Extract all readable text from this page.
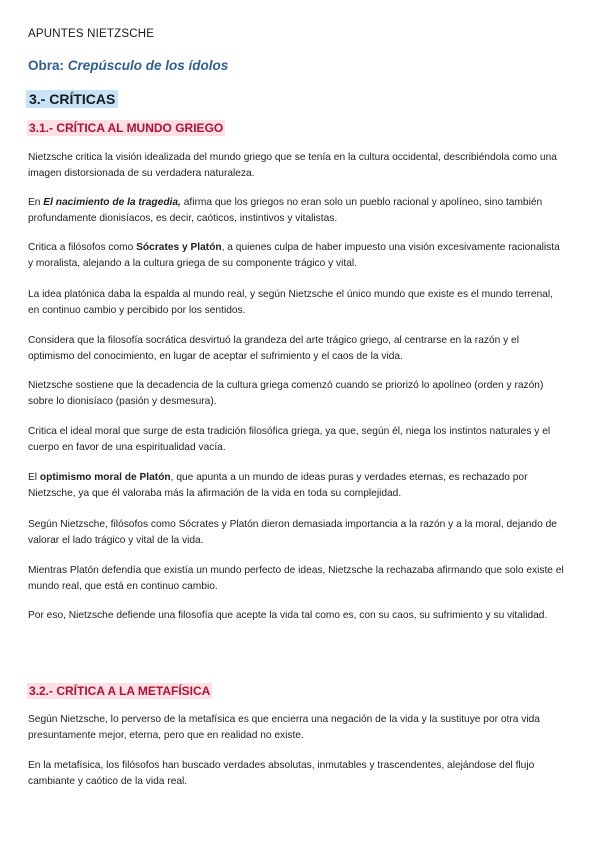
APUNTES NIETZSCHE
Obra: Crepúsculo de los ídolos
3.- CRÍTICAS
3.1.- CRÍTICA AL MUNDO GRIEGO
Nietzsche critica la visión idealizada del mundo griego que se tenía en la cultura occidental, describiéndola como una imagen distorsionada de su verdadera naturaleza.
En El nacimiento de la tragedia, afirma que los griegos no eran solo un pueblo racional y apolíneo, sino también profundamente dionisíacos, es decir, caóticos, instintivos y vitalistas.
Critica a filósofos como Sócrates y Platón, a quienes culpa de haber impuesto una visión excesivamente racionalista y moralista, alejando a la cultura griega de su componente trágico y vital.
La idea platónica daba la espalda al mundo real, y según Nietzsche el único mundo que existe es el mundo terrenal, en continuo cambio y percibido por los sentidos.
Considera que la filosofía socrática desvirtuó la grandeza del arte trágico griego, al centrarse en la razón y el optimismo del conocimiento, en lugar de aceptar el sufrimiento y el caos de la vida.
Nietzsche sostiene que la decadencia de la cultura griega comenzó cuando se priorizó lo apolíneo (orden y razón) sobre lo dionisíaco (pasión y desmesura).
Critica el ideal moral que surge de esta tradición filosófica griega, ya que, según él, niega los instintos naturales y el cuerpo en favor de una espiritualidad vacía.
El optimismo moral de Platón, que apunta a un mundo de ideas puras y verdades eternas, es rechazado por Nietzsche, ya que él valoraba más la afirmación de la vida en toda su complejidad.
Según Nietzsche, filósofos como Sócrates y Platón dieron demasiada importancia a la razón y a la moral, dejando de valorar el lado trágico y vital de la vida.
Mientras Platón defendía que existía un mundo perfecto de ideas, Nietzsche la rechazaba afirmando que solo existe el mundo real, que está en continuo cambio.
Por eso, Nietzsche defiende una filosofía que acepte la vida tal como es, con su caos, su sufrimiento y su vitalidad.
3.2.- CRÍTICA A LA METAFÍSICA
Según Nietzsche, lo perverso de la metafísica es que encierra una negación de la vida y la sustituye por otra vida presuntamente mejor, eterna, pero que en realidad no existe.
En la metafísica, los filósofos han buscado verdades absolutas, inmutables y trascendentes, alejándose del flujo cambiante y caótico de la vida real.
